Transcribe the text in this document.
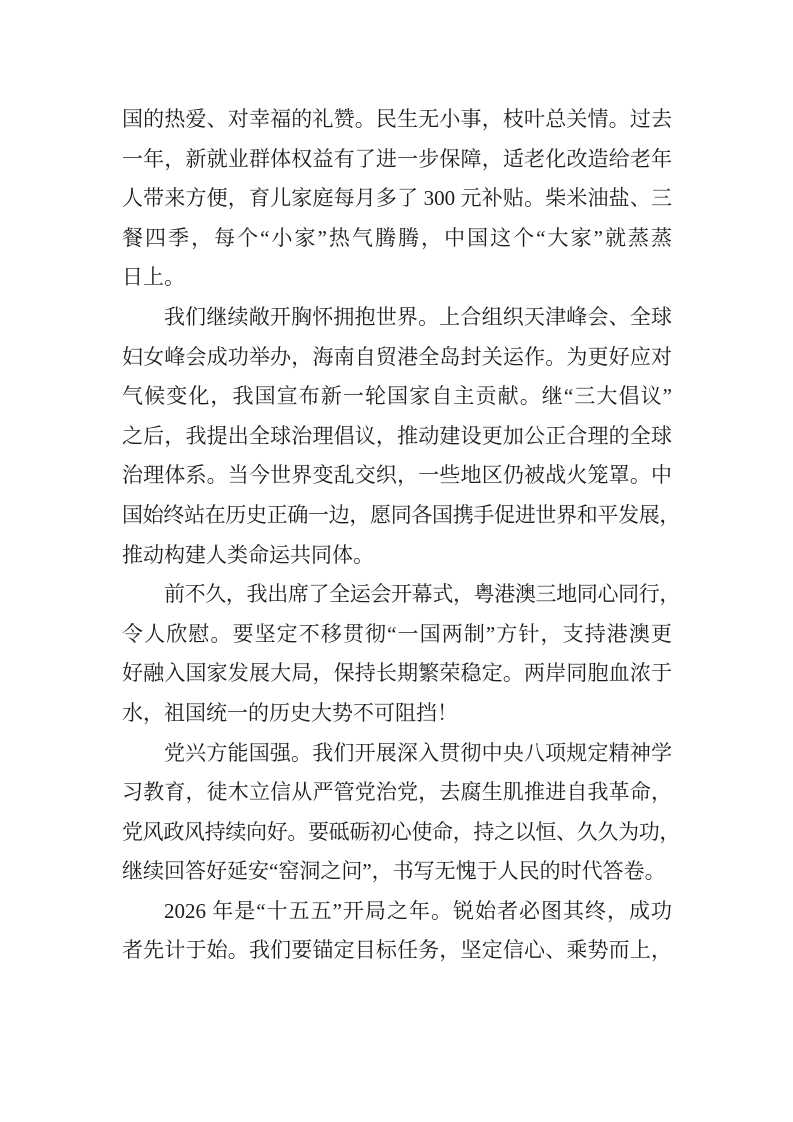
国的热爱、对幸福的礼赞。民生无小事，枝叶总关情。过去
一年，新就业群体权益有了进一步保障，适老化改造给老年
人带来方便，育儿家庭每月多了 300 元补贴。柴米油盐、三
餐四季，每个“小家”热气腾腾，中国这个“大家”就蒸蒸
日上。
我们继续敞开胸怀拥抱世界。上合组织天津峰会、全球
妇女峰会成功举办，海南自贸港全岛封关运作。为更好应对
气候变化，我国宣布新一轮国家自主贡献。继“三大倡议”
之后，我提出全球治理倡议，推动建设更加公正合理的全球
治理体系。当今世界变乱交织，一些地区仍被战火笼罩。中
国始终站在历史正确一边，愿同各国携手促进世界和平发展，
推动构建人类命运共同体。
前不久，我出席了全运会开幕式，粤港澳三地同心同行，
令人欣慰。要坚定不移贯彻“一国两制”方针，支持港澳更
好融入国家发展大局，保持长期繁荣稳定。两岸同胞血浓于
水，祖国统一的历史大势不可阻挡！
党兴方能国强。我们开展深入贯彻中央八项规定精神学
习教育，徒木立信从严管党治党，去腐生肌推进自我革命，
党风政风持续向好。要砥砺初心使命，持之以恒、久久为功，
继续回答好延安“窑洞之问”，书写无愧于人民的时代答卷。
2026 年是“十五五”开局之年。锐始者必图其终，成功
者先计于始。我们要锚定目标任务，坚定信心、乘势而上，
